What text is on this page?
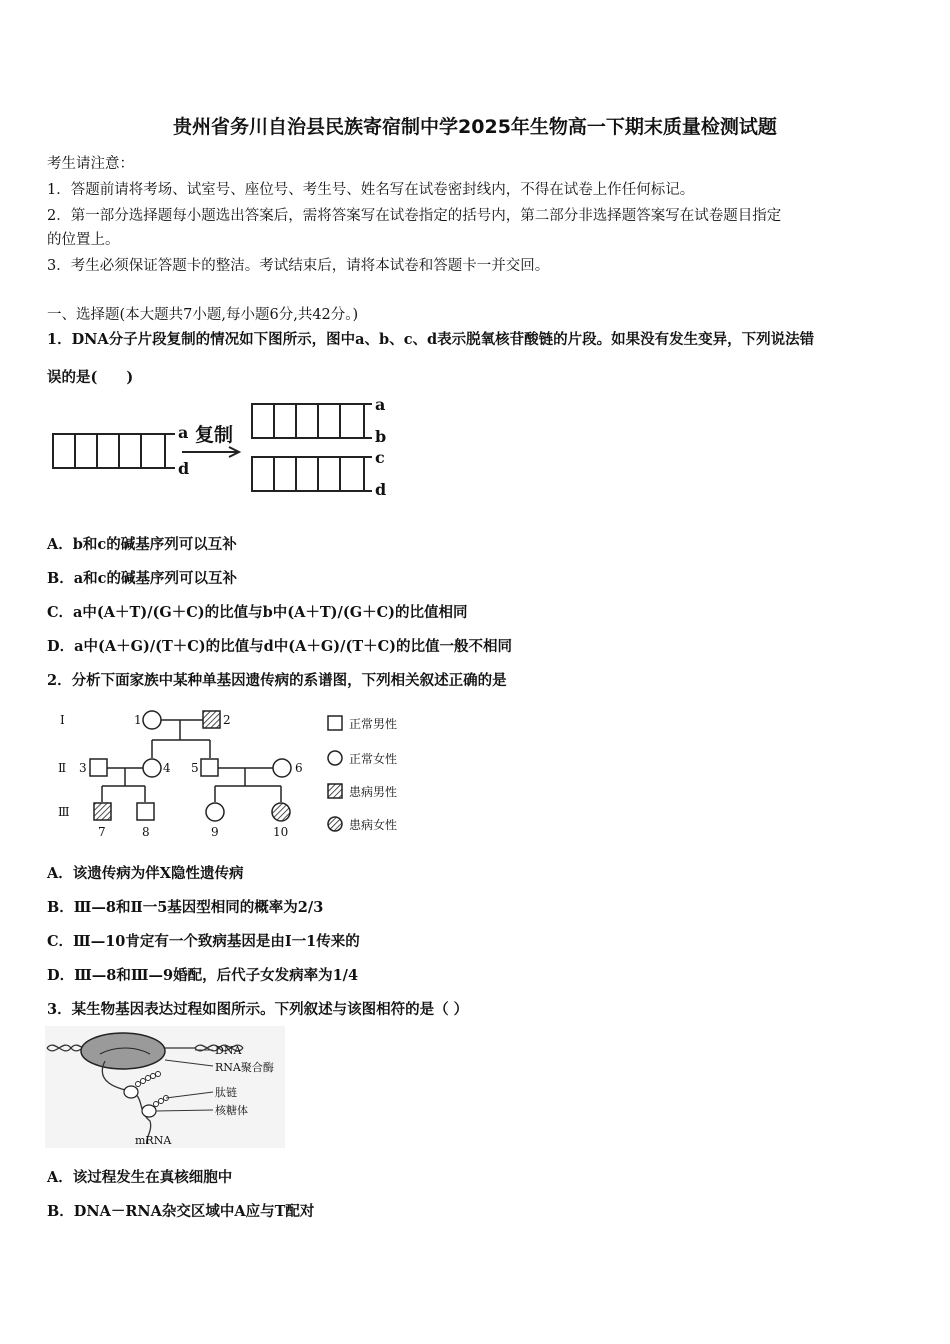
贵州省务川自治县民族寄宿制中学2025年生物高一下期末质量检测试题
考生请注意：
1．答题前请将考场、试室号、座位号、考生号、姓名写在试卷密封线内，不得在试卷上作任何标记。
2．第一部分选择题每小题选出答案后，需将答案写在试卷指定的括号内，第二部分非选择题答案写在试卷题目指定
的位置上。
3．考生必须保证答题卡的整洁。考试结束后，请将本试卷和答题卡一并交回。
一、选择题(本大题共7小题,每小题6分,共42分。)
1．DNA分子片段复制的情况如下图所示，图中a、b、c、d表示脱氧核苷酸链的片段。如果没有发生变异，下列说法错
误的是(　　)
a
d
复制
a
b
c
d
A．b和c的碱基序列可以互补
B．a和c的碱基序列可以互补
C．a中(A＋T)/(G＋C)的比值与b中(A＋T)/(G＋C)的比值相同
D．a中(A＋G)/(T＋C)的比值与d中(A＋G)/(T＋C)的比值一般不相同
2．分析下面家族中某种单基因遗传病的系谱图，下列相关叙述正确的是
Ⅰ
Ⅱ
Ⅲ
1	2
3	4 5	6
7	8	9	10
正常男性
正常女性
患病男性
患病女性
A．该遗传病为伴X隐性遗传病
B．Ⅲ—8和Ⅱ一5基因型相同的概率为2/3
C．Ⅲ—10肯定有一个致病基因是由Ⅰ一1传来的
D．Ⅲ—8和Ⅲ—9婚配，后代子女发病率为1/4
3．某生物基因表达过程如图所示。下列叙述与该图相符的是（ ）
DNA
RNA聚合酶
肽链
核糖体
mRNA
A．该过程发生在真核细胞中
B．DNA－RNA杂交区域中A应与T配对
